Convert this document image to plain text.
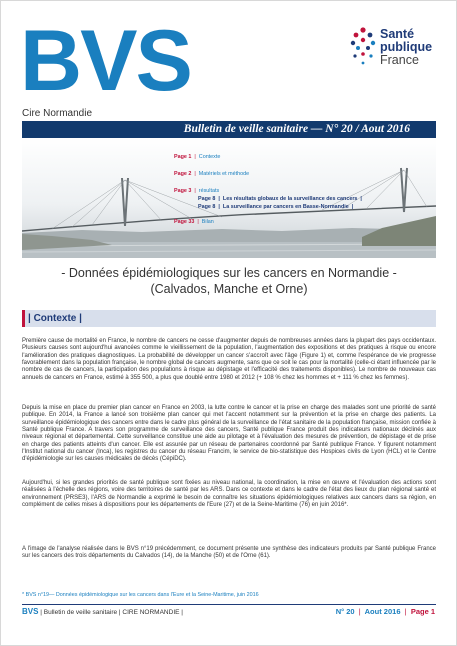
BVS
Cire Normandie
Santé
publique
France
Bulletin de veille sanitaire — N° 20 / Aout 2016
Page 1  |  Contexte
Page 2  |  Matériels et méthode
Page 3  |  résultats
Page 8  |  Les résultats globaux de la surveillance des cancers  |
Page 8  |  La surveillance par cancers en Basse-Normandie  |
Page 33  |  Bilan
- Données épidémiologiques sur les cancers en Normandie -
(Calvados, Manche et Orne)
| Contexte |

Première cause de mortalité en France, le nombre de cancers ne cesse d'augmenter depuis de nombreuses années dans la plupart des pays occidentaux. Plusieurs causes sont aujourd'hui avancées comme le vieillissement de la population, l'augmentation des expositions et des pratiques à risque ou encore l'amélioration des pratiques diagnostiques. La probabilité de développer un cancer s'accroît avec l'âge (Figure 1) et, comme l'espérance de vie progresse favorablement dans la population française, le nombre global de cancers augmente, sans que ce soit le cas pour la mortalité (celle-ci étant influencée par le nombre de cas de cancers, la participation des populations à risque au dépistage et l'efficacité des traitements disponibles). Le nombre de nouveaux cas annuels de cancers en France, estimé à 355 500, a plus que doublé entre 1980 et 2012 (+ 108 % chez les hommes et + 111 % chez les femmes).

Depuis la mise en place du premier plan cancer en France en 2003, la lutte contre le cancer et la prise en charge des malades sont une priorité de santé publique. En 2014, la France a lancé son troisième plan cancer qui met l'accent notamment sur la prévention et la prise en charge des patients. La surveillance épidémiologique des cancers entre dans le cadre plus général de la surveillance de l'état sanitaire de la population française, mission confiée à Santé publique France. A travers son programme de surveillance des cancers, Santé publique France produit des indicateurs nationaux déclinés aux niveaux régional et départemental. Cette surveillance constitue une aide au pilotage et à l'évaluation des mesures de prévention, de dépistage et de prise en charge des patients atteints d'un cancer. Elle est assurée par un réseau de partenaires coordonné par Santé publique France. Y figurent notamment l'Institut national du cancer (Inca), les registres du cancer du réseau Francim, le service de bio-statistique des Hospices civils de Lyon (HCL) et le Centre d'épidémiologie sur les causes médicales de décès (CépiDC).

Aujourd'hui, si les grandes priorités de santé publique sont fixées au niveau national, la coordination, la mise en œuvre et l'évaluation des actions sont réalisées à l'échelle des régions, voire des territoires de santé par les ARS. Dans ce contexte et dans le cadre de l'état des lieux du plan régional santé et environnement (PRSE3), l'ARS de Normandie a exprimé le besoin de connaître les situations épidémiologiques relatives aux cancers dans sa région, en complément de celles mises à dispositions pour les départements de l'Eure (27) et de la Seine-Maritime (76) en juin 2016*.

A l'image de l'analyse réalisée dans le BVS n°19 précédemment, ce document présente une synthèse des indicateurs produits par Santé publique France sur les cancers des trois départements du Calvados (14), de la Manche (50) et de l'Orne (61).

* BVS n°19— Données épidémiologique sur les cancers dans l'Eure et la Seine-Maritime, juin 2016
BVS | Bulletin de veille sanitaire | CIRE NORMANDIE |	N° 20  |  Aout 2016  |  Page 1
